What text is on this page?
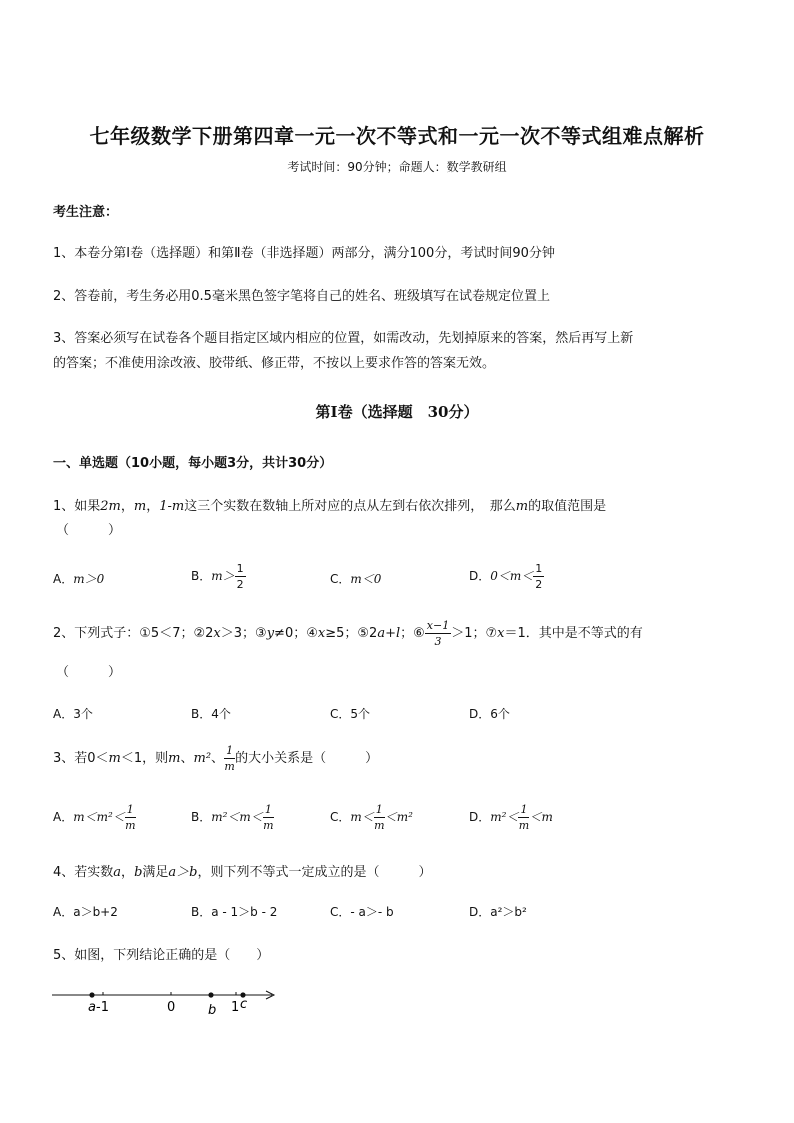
七年级数学下册第四章一元一次不等式和一元一次不等式组难点解析
考试时间：90分钟；命题人：数学教研组
考生注意：
1、本卷分第Ⅰ卷（选择题）和第Ⅱ卷（非选择题）两部分，满分100分，考试时间90分钟
2、答卷前，考生务必用0.5毫米黑色签字笔将自己的姓名、班级填写在试卷规定位置上
3、答案必须写在试卷各个题目指定区域内相应的位置，如需改动，先划掉原来的答案，然后再写上新
的答案；不准使用涂改液、胶带纸、修正带，不按以上要求作答的答案无效。
第Ⅰ卷（选择题　30分）
一、单选题（10小题，每小题3分，共计30分）
1、如果2m，m，1-m这三个实数在数轴上所对应的点从左到右依次排列，　那么m的取值范围是
（　　　）
A．m＞0	B．$m> \frac{1}{2}$	C．m＜0	D．$0<m< \frac{1}{2}$
2、下列式子：①5＜7；②2x＞3；③y≠0；④x≥5；⑤2a+l；⑥ $\frac{x-1}{3} >1$；⑦x＝1．其中是不等式的有
（　　　）
A．3个	B．4个	C．5个	D．6个
3、若0＜m＜1，则m、m²、 $\frac{1}{m}$ 的大小关系是（　　　）
A．$m<m^2< \frac{1}{m}$	B．$m^2<m< \frac{1}{m}$	C．$m< \frac{1}{m} <m^2$	D．$m^2< \frac{1}{m} <m$
4、若实数a，b满足a＞b，则下列不等式一定成立的是（　　　）
A．a＞b+2	B．a - 1＞b - 2	C．- a＞- b	D．a²＞b²
5、如图，下列结论正确的是（　　）
a -1	0	b 1 c
